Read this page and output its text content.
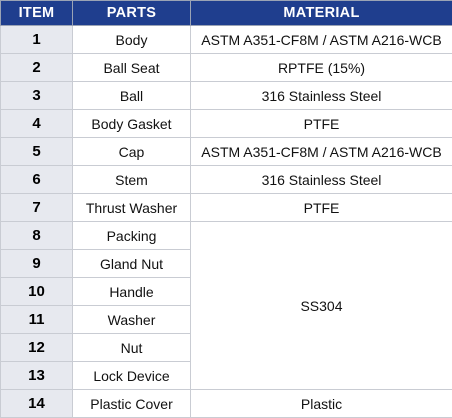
ITEM	PARTS	MATERIAL
1	Body	ASTM A351-CF8M / ASTM A216-WCB
2	Ball Seat	RPTFE (15%)
3	Ball	316 Stainless Steel
4	Body Gasket	PTFE
5	Cap	ASTM A351-CF8M / ASTM A216-WCB
6	Stem	316 Stainless Steel
7	Thrust Washer	PTFE
8	Packing	SS304
9	Gland Nut	
10	Handle	
11	Washer	
12	Nut	
13	Lock Device	
14	Plastic Cover	Plastic
